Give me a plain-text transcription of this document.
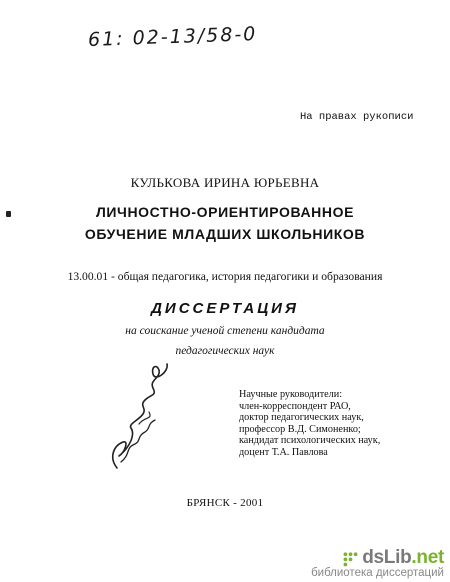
61: 02-13/58-0
На правах рукописи
КУЛЬКОВА ИРИНА ЮРЬЕВНА
ЛИЧНОСТНО-ОРИЕНТИРОВАННОЕ
ОБУЧЕНИЕ МЛАДШИХ ШКОЛЬНИКОВ
13.00.01 - общая педагогика, история педагогики и образования
ДИССЕРТАЦИЯ
на соискание ученой степени кандидата
педагогических наук
Научные руководители:
член-корреспондент РАО,
доктор педагогических наук,
профессор В.Д. Симоненко;
кандидат психологических наук,
доцент Т.А. Павлова
БРЯНСК - 2001
dsLib.net
библиотека диссертаций
